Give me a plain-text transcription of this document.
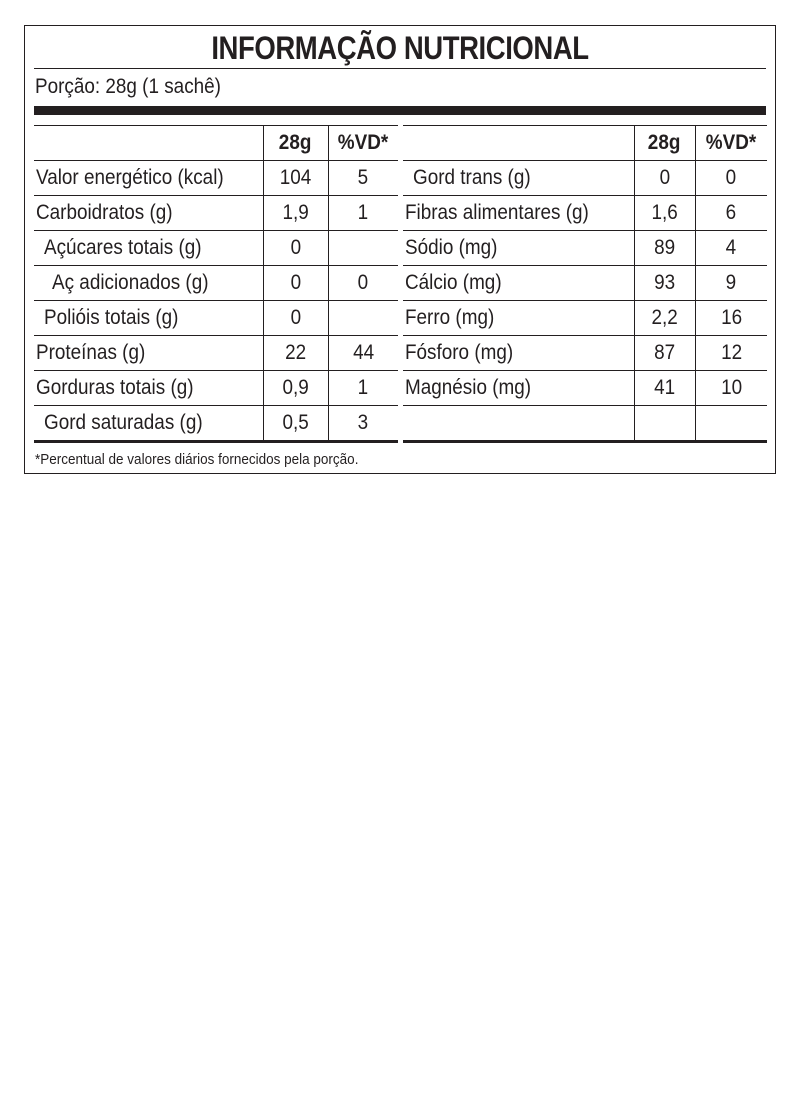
INFORMAÇÃO NUTRICIONAL
Porção: 28g (1 sachê)
	28g	%VD*
Valor energético (kcal)	104	5
Carboidratos (g)	1,9	1
Açúcares totais (g)	0	
Aç adicionados (g)	0	0
Polióis totais (g)	0	
Proteínas (g)	22	44
Gorduras totais (g)	0,9	1
Gord saturadas (g)	0,5	3
	28g	%VD*
Gord trans (g)	0	0
Fibras alimentares (g)	1,6	6
Sódio (mg)	89	4
Cálcio (mg)	93	9
Ferro (mg)	2,2	16
Fósforo (mg)	87	12
Magnésio (mg)	41	10

*Percentual de valores diários fornecidos pela porção.
